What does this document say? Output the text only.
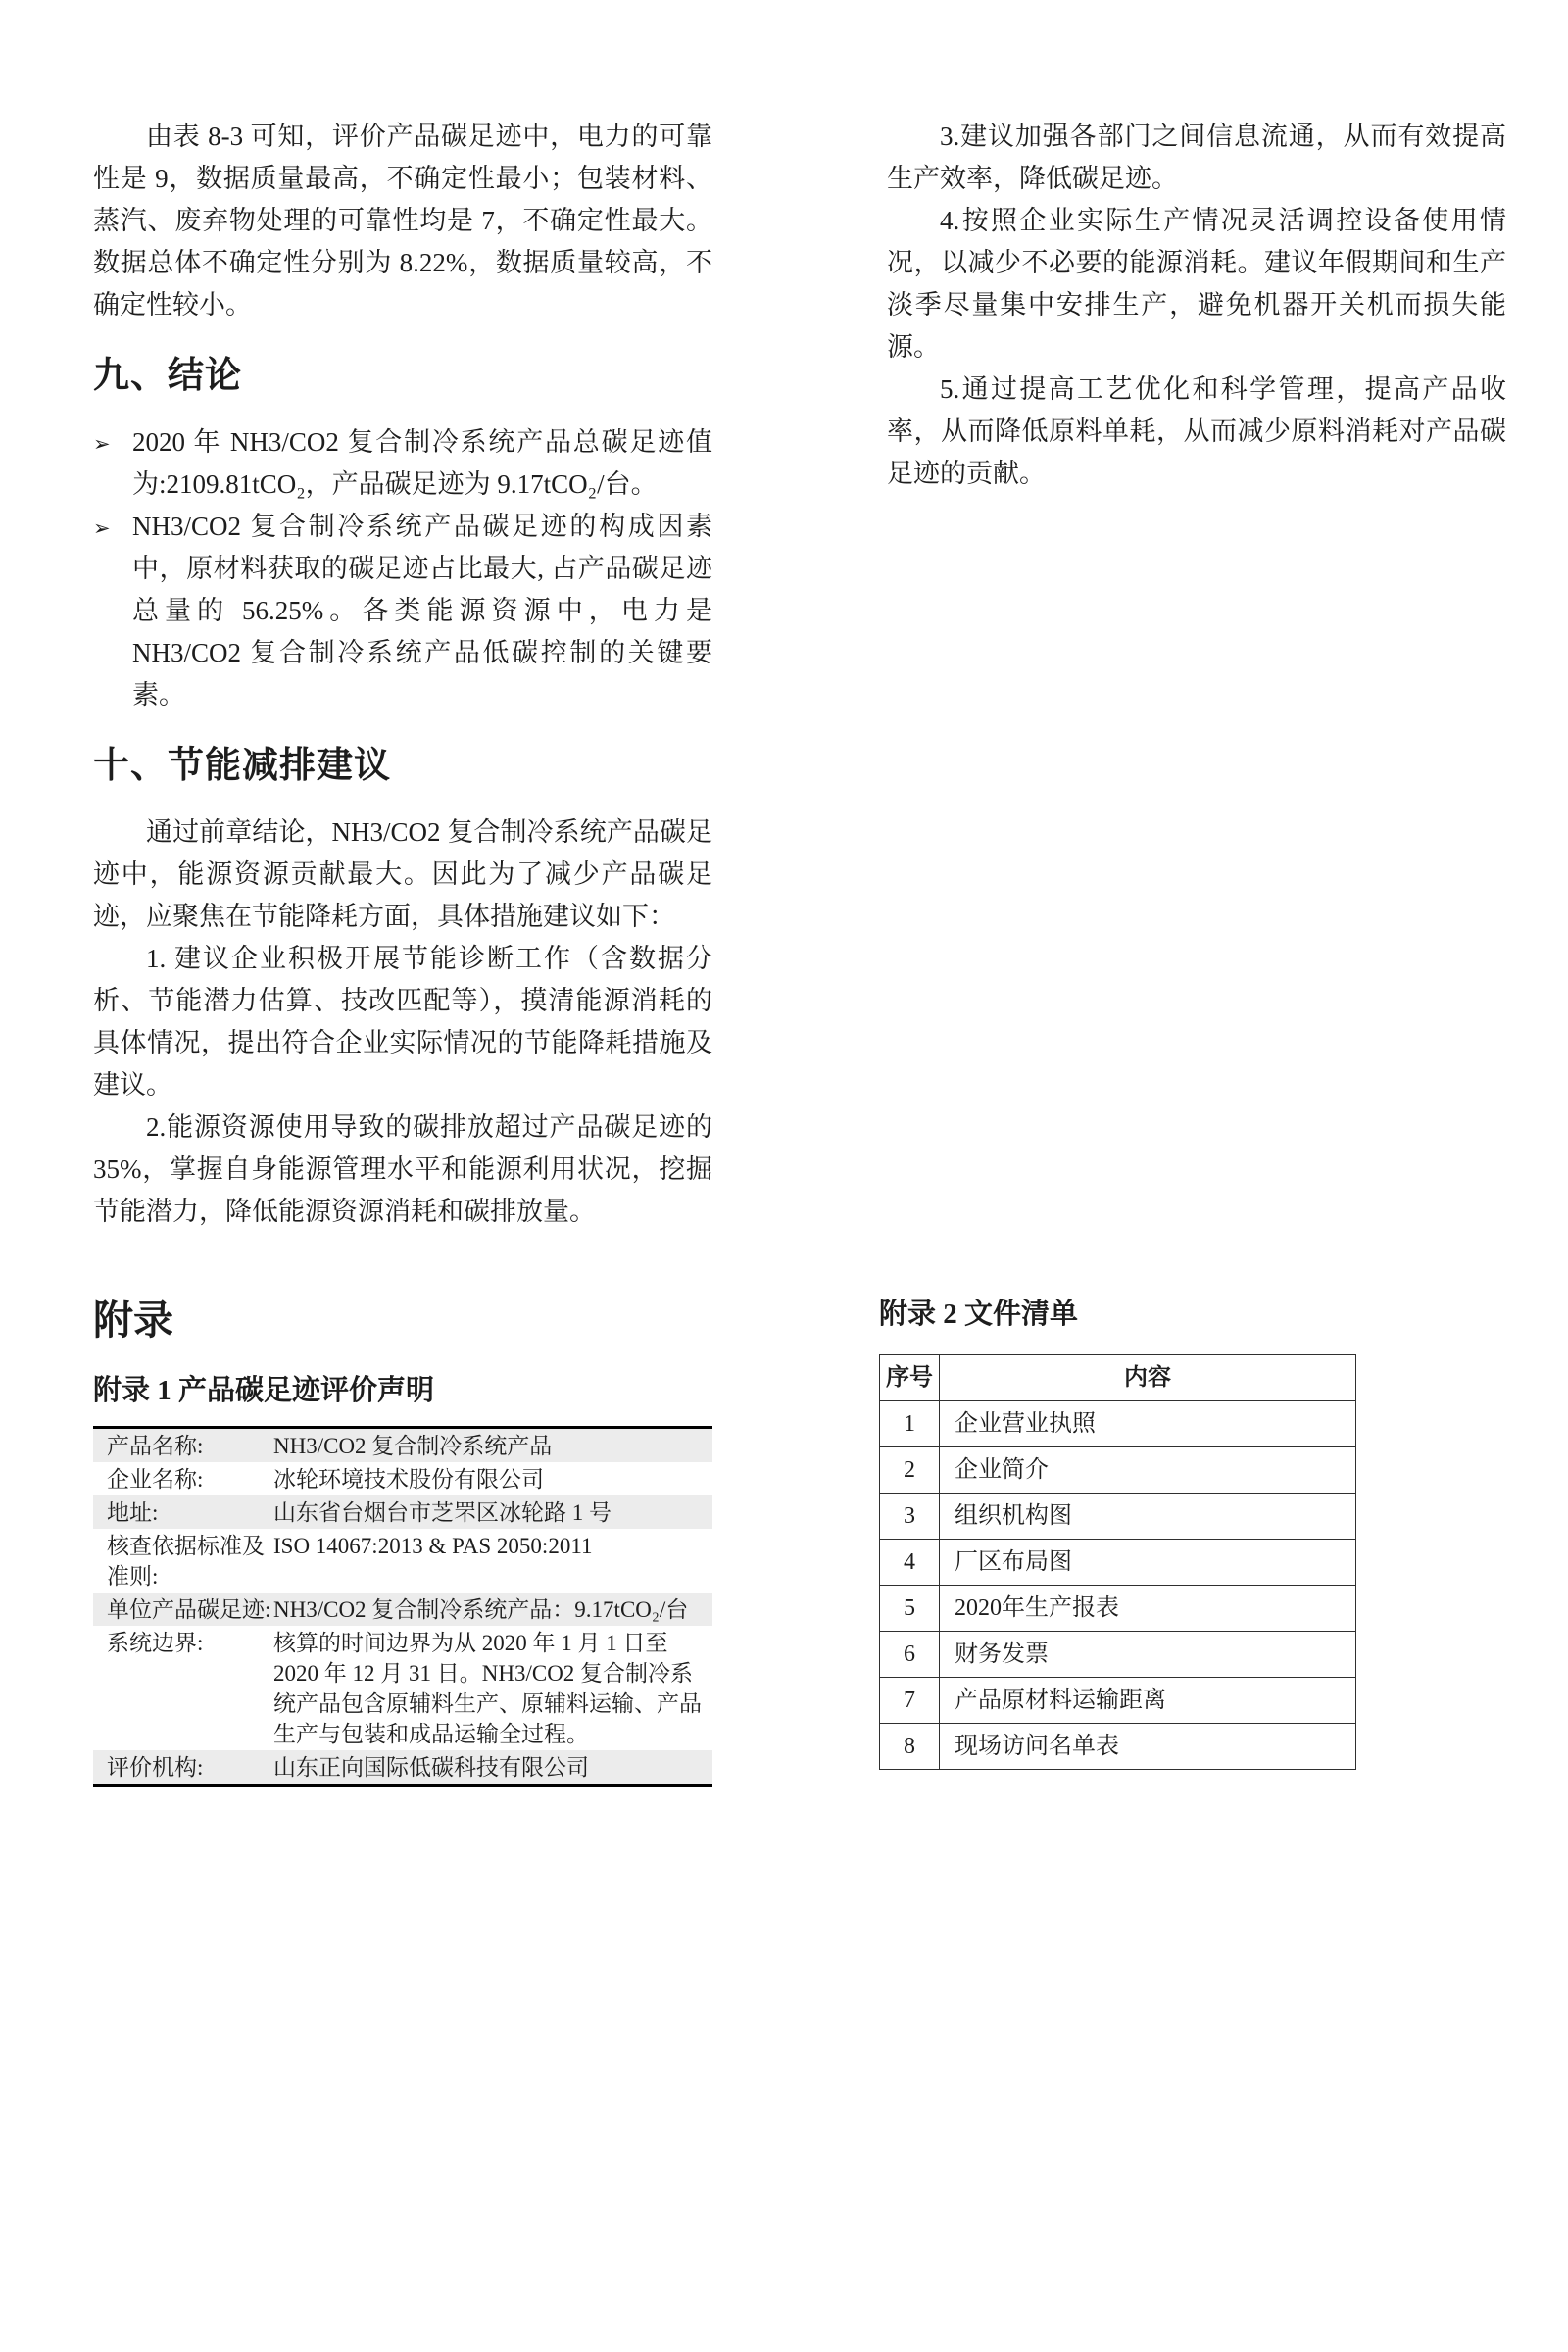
由表 8-3 可知，评价产品碳足迹中，电力的可靠性是 9，数据质量最高，不确定性最小；包装材料、蒸汽、废弃物处理的可靠性均是 7，不确定性最大。数据总体不确定性分别为 8.22%，数据质量较高，不确定性较小。

九、结论
➢ 2020 年 NH3/CO2 复合制冷系统产品总碳足迹值为:2109.81tCO₂，产品碳足迹为 9.17tCO₂/台。
➢ NH3/CO2 复合制冷系统产品碳足迹的构成因素中，原材料获取的碳足迹占比最大, 占产品碳足迹总量的 56.25%。各类能源资源中，电力是 NH3/CO2 复合制冷系统产品低碳控制的关键要素。
十、节能减排建议

通过前章结论，NH3/CO2 复合制冷系统产品碳足迹中，能源资源贡献最大。因此为了减少产品碳足迹，应聚焦在节能降耗方面，具体措施建议如下：

1. 建议企业积极开展节能诊断工作（含数据分析、节能潜力估算、技改匹配等），摸清能源消耗的具体情况，提出符合企业实际情况的节能降耗措施及建议。

2.能源资源使用导致的碳排放超过产品碳足迹的 35%，掌握自身能源管理水平和能源利用状况，挖掘节能潜力，降低能源资源消耗和碳排放量。

3.建议加强各部门之间信息流通，从而有效提高生产效率，降低碳足迹。

4.按照企业实际生产情况灵活调控设备使用情况，以减少不必要的能源消耗。建议年假期间和生产淡季尽量集中安排生产，避免机器开关机而损失能源。

5.通过提高工艺优化和科学管理，提高产品收率，从而降低原料单耗，从而减少原料消耗对产品碳足迹的贡献。

附录
附录 1 产品碳足迹评价声明
产品名称:	NH3/CO2 复合制冷系统产品
企业名称:	冰轮环境技术股份有限公司
地址:	山东省台烟台市芝罘区冰轮路 1 号
核查依据标准及准则:	ISO 14067:2013 & PAS 2050:2011
单位产品碳足迹:	NH3/CO2 复合制冷系统产品：9.17tCO₂/台
系统边界:	核算的时间边界为从 2020 年 1 月 1 日至 2020 年 12 月 31 日。NH3/CO2 复合制冷系统产品包含原辅料生产、原辅料运输、产品生产与包装和成品运输全过程。
评价机构:	山东正向国际低碳科技有限公司
附录 2 文件清单
序号	内容
1	企业营业执照
2	企业简介
3	组织机构图
4	厂区布局图
5	2020年生产报表
6	财务发票
7	产品原材料运输距离
8	现场访问名单表
